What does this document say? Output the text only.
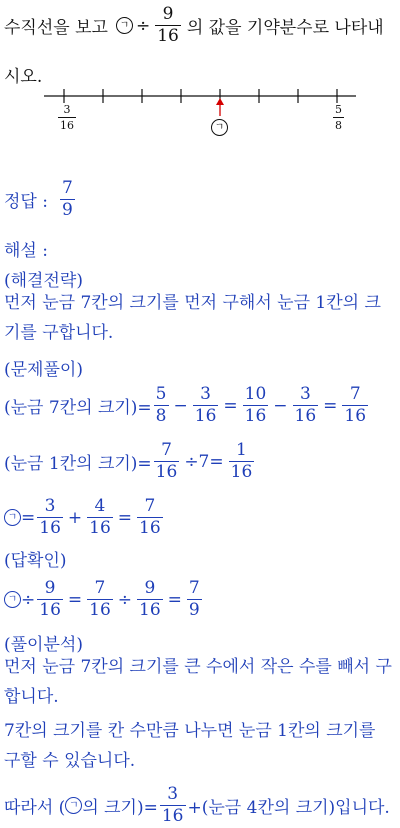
수직선을 보고	ㄱ ÷ $\frac{9}{16}$ 의 값을 기약분수로 나타내
시오.
$\frac{3}{16}$	$\frac{5}{8}$
ㄱ
정답 : $\frac{7}{9}$
해설 :
(해결전략)
먼저 눈금 7칸의 크기를 먼저 구해서 눈금 1칸의 크기를 구합니다.
(문제풀이)
(눈금 7칸의 크기)= $\frac{5}{8} - \frac{3}{16} = \frac{10}{16} - \frac{3}{16} = \frac{7}{16}$
(눈금 1칸의 크기)= $\frac{7}{16} \div 7= \frac{1}{16}$
ㄱ = $\frac{3}{16} + \frac{4}{16} = \frac{7}{16}$
(답확인)
ㄱ ÷ $\frac{9}{16} = \frac{7}{16} \div \frac{9}{16} = \frac{7}{9}$
(풀이분석)
먼저 눈금 7칸의 크기를 큰 수에서 작은 수를 빼서 구합니다.
7칸의 크기를 칸 수만큼 나누면 눈금 1칸의 크기를 구할 수 있습니다.
따라서 ( ㄱ 의 크기)= $\frac{3}{16}$ +(눈금 4칸의 크기)입니다.
